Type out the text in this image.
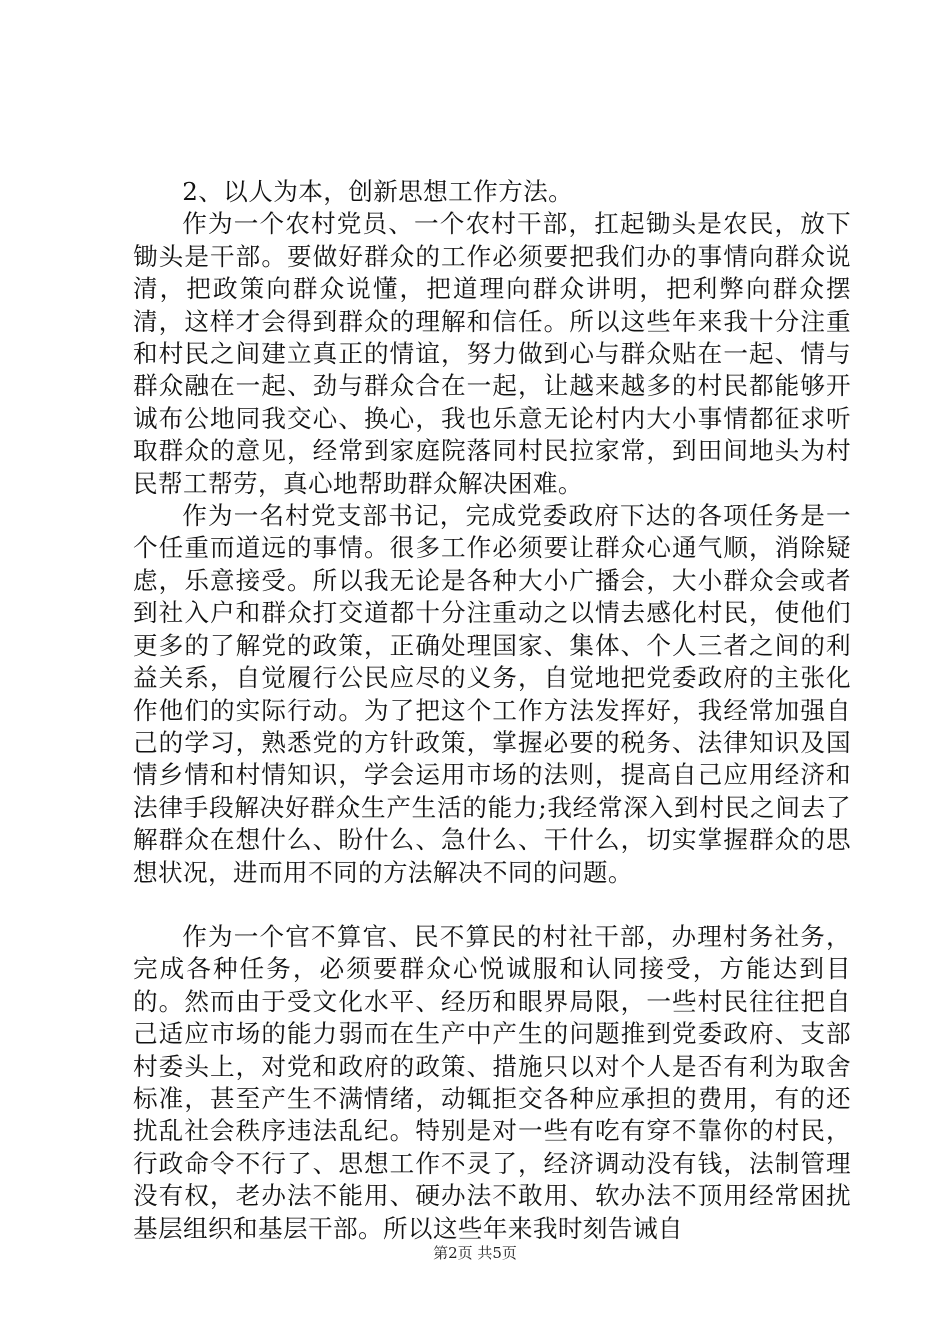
2、以人为本，创新思想工作方法。

作为一个农村党员、一个农村干部，扛起锄头是农民，放下锄头是干部。要做好群众的工作必须要把我们办的事情向群众说清，把政策向群众说懂，把道理向群众讲明，把利弊向群众摆清，这样才会得到群众的理解和信任。所以这些年来我十分注重和村民之间建立真正的情谊，努力做到心与群众贴在一起、情与群众融在一起、劲与群众合在一起，让越来越多的村民都能够开诚布公地同我交心、换心，我也乐意无论村内大小事情都征求听取群众的意见，经常到家庭院落同村民拉家常，到田间地头为村民帮工帮劳，真心地帮助群众解决困难。

作为一名村党支部书记，完成党委政府下达的各项任务是一个任重而道远的事情。很多工作必须要让群众心通气顺，消除疑虑，乐意接受。所以我无论是各种大小广播会，大小群众会或者到社入户和群众打交道都十分注重动之以情去感化村民，使他们更多的了解党的政策，正确处理国家、集体、个人三者之间的利益关系，自觉履行公民应尽的义务，自觉地把党委政府的主张化作他们的实际行动。为了把这个工作方法发挥好，我经常加强自己的学习，熟悉党的方针政策，掌握必要的税务、法律知识及国情乡情和村情知识，学会运用市场的法则，提高自己应用经济和法律手段解决好群众生产生活的能力;我经常深入到村民之间去了解群众在想什么、盼什么、急什么、干什么，切实掌握群众的思想状况，进而用不同的方法解决不同的问题。

作为一个官不算官、民不算民的村社干部，办理村务社务，完成各种任务，必须要群众心悦诚服和认同接受，方能达到目的。然而由于受文化水平、经历和眼界局限，一些村民往往把自己适应市场的能力弱而在生产中产生的问题推到党委政府、支部村委头上，对党和政府的政策、措施只以对个人是否有利为取舍标准，甚至产生不满情绪，动辄拒交各种应承担的费用，有的还扰乱社会秩序违法乱纪。特别是对一些有吃有穿不靠你的村民，行政命令不行了、思想工作不灵了，经济调动没有钱，法制管理没有权，老办法不能用、硬办法不敢用、软办法不顶用经常困扰基层组织和基层干部。所以这些年来我时刻告诫自

第2页 共5页
